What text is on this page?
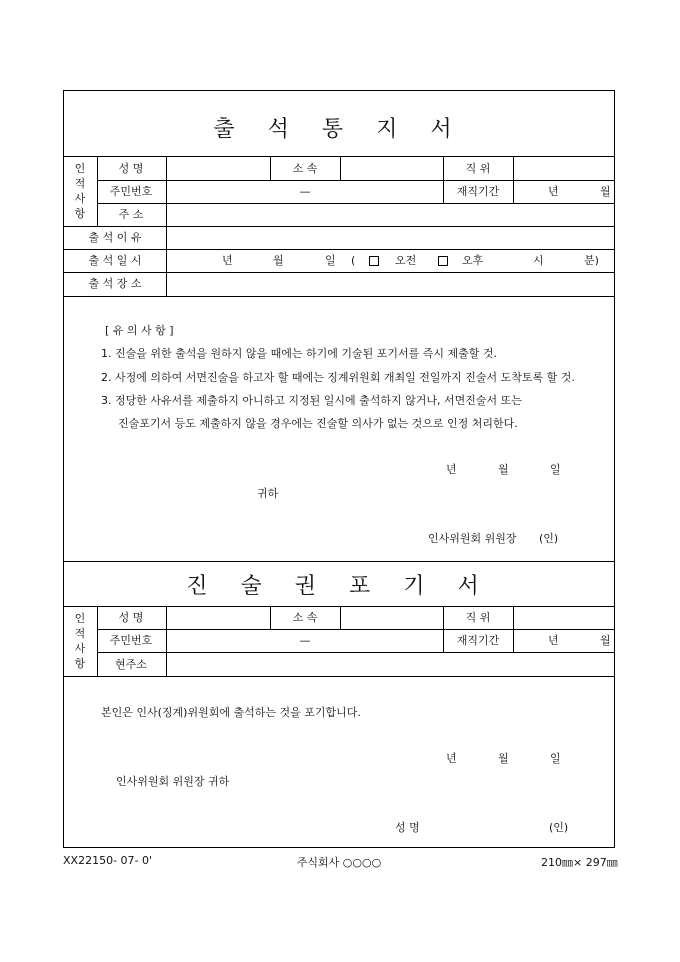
출 석 통 지 서
인적사항
성 명	소 속	직 위
주민번호	—	재직기간	년	월
주 소
출 석 이 유
출 석 일 시	년	월	일 (	오전	오후	시	분)
출 석 장 소
[ 유 의 사 항 ]
1. 진술을 위한 출석을 원하지 않을 때에는 하기에 기술된 포기서를 즉시 제출할 것.
2. 사정에 의하여 서면진술을 하고자 할 때에는 징계위원회 개최일 전일까지 진술서 도착토록 할 것.
3. 정당한 사유서를 제출하지 아니하고 지정된 일시에 출석하지 않거나, 서면진술서 또는
진술포기서 등도 제출하지 않을 경우에는 진술할 의사가 없는 것으로 인정 처리한다.
년	월	일
귀하
인사위원회 위원장 (인)
진 술 권 포 기 서
인적사항
성 명	소 속	직 위
주민번호	—	재직기간	년	월
현주소
본인은 인사(징계)위원회에 출석하는 것을 포기합니다.
년	월	일
인사위원회 위원장 귀하
성 명	(인)
XX22150- 07- 0'	주식회사 ○○○○	210㎜× 297㎜
